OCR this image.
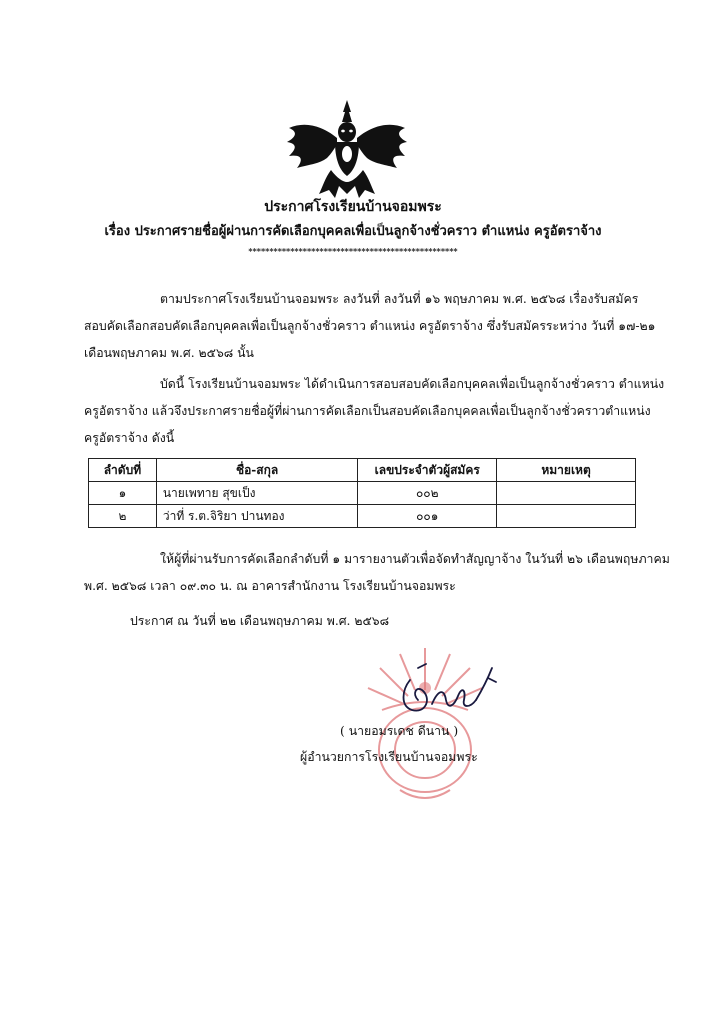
ประกาศโรงเรียนบ้านจอมพระ
เรื่อง ประกาศรายชื่อผู้ผ่านการคัดเลือกบุคคลเพื่อเป็นลูกจ้างชั่วคราว ตำแหน่ง ครูอัตราจ้าง
**************************************************
ตามประกาศโรงเรียนบ้านจอมพระ ลงวันที่ ลงวันที่ ๑๖ พฤษภาคม พ.ศ. ๒๕๖๘ เรื่องรับสมัคร
สอบคัดเลือกสอบคัดเลือกบุคคลเพื่อเป็นลูกจ้างชั่วคราว ตำแหน่ง ครูอัตราจ้าง ซึ่งรับสมัครระหว่าง วันที่ ๑๗-๒๑
เดือนพฤษภาคม พ.ศ. ๒๕๖๘ นั้น
บัดนี้ โรงเรียนบ้านจอมพระ ได้ดำเนินการสอบสอบคัดเลือกบุคคลเพื่อเป็นลูกจ้างชั่วคราว ตำแหน่ง
ครูอัตราจ้าง แล้วจึงประกาศรายชื่อผู้ที่ผ่านการคัดเลือกเป็นสอบคัดเลือกบุคคลเพื่อเป็นลูกจ้างชั่วคราวตำแหน่ง
ครูอัตราจ้าง ดังนี้
ลำดับที่	ชื่อ-สกุล	เลขประจำตัวผู้สมัคร	หมายเหตุ
๑	นายเพทาย สุขเป็ง	๐๐๒	
๒	ว่าที่ ร.ต.จิริยา ปานทอง	๐๐๑	
ให้ผู้ที่ผ่านรับการคัดเลือกลำดับที่ ๑ มารายงานตัวเพื่อจัดทำสัญญาจ้าง ในวันที่ ๒๖ เดือนพฤษภาคม
พ.ศ. ๒๕๖๘ เวลา ๐๙.๓๐ น. ณ อาคารสำนักงาน โรงเรียนบ้านจอมพระ
ประกาศ ณ วันที่ ๒๒ เดือนพฤษภาคม พ.ศ. ๒๕๖๘
( นายอมรเดช ดีนาน )
ผู้อำนวยการโรงเรียนบ้านจอมพระ
